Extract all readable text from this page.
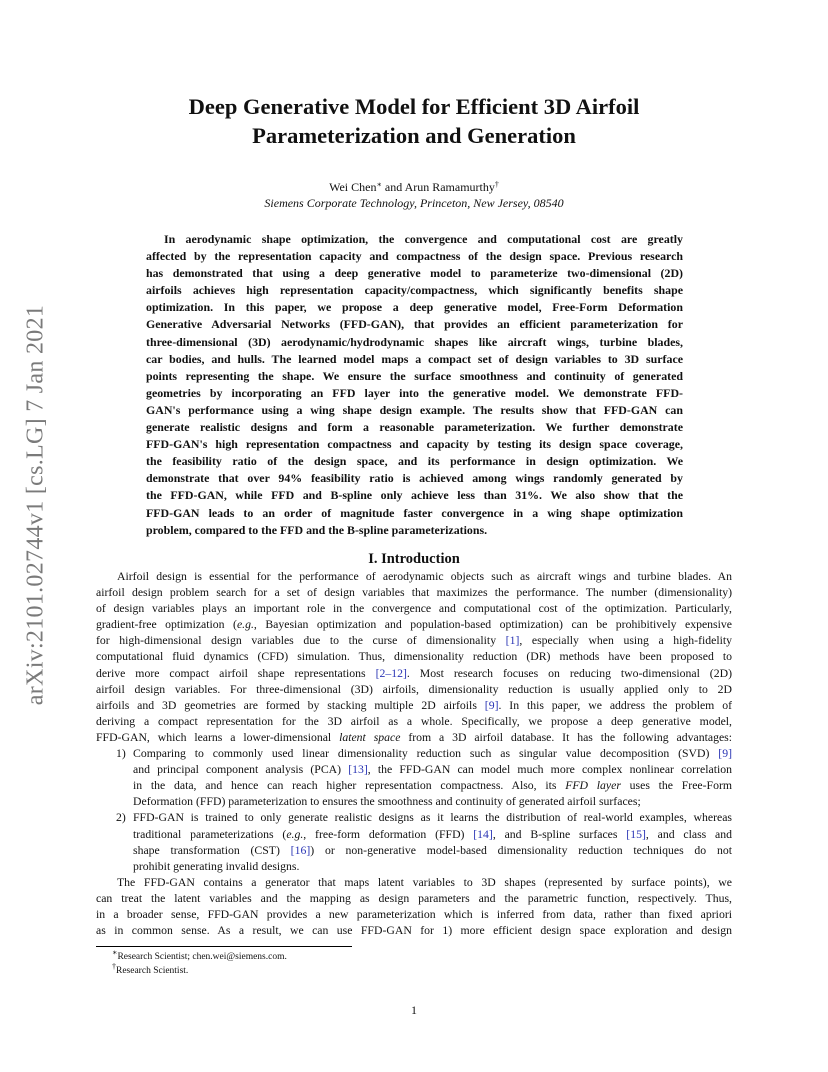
arXiv:2101.02744v1 [cs.LG] 7 Jan 2021
Deep Generative Model for Efficient 3D Airfoil
Parameterization and Generation
Wei Chen∗ and Arun Ramamurthy†
Siemens Corporate Technology, Princeton, New Jersey, 08540
In aerodynamic shape optimization, the convergence and computational cost are greatly
affected by the representation capacity and compactness of the design space. Previous research
has demonstrated that using a deep generative model to parameterize two-dimensional (2D)
airfoils achieves high representation capacity/compactness, which significantly benefits shape
optimization. In this paper, we propose a deep generative model, Free-Form Deformation
Generative Adversarial Networks (FFD-GAN), that provides an efficient parameterization for
three-dimensional (3D) aerodynamic/hydrodynamic shapes like aircraft wings, turbine blades,
car bodies, and hulls. The learned model maps a compact set of design variables to 3D surface
points representing the shape. We ensure the surface smoothness and continuity of generated
geometries by incorporating an FFD layer into the generative model. We demonstrate FFD-
GAN's performance using a wing shape design example. The results show that FFD-GAN can
generate realistic designs and form a reasonable parameterization. We further demonstrate
FFD-GAN's high representation compactness and capacity by testing its design space coverage,
the feasibility ratio of the design space, and its performance in design optimization. We
demonstrate that over 94% feasibility ratio is achieved among wings randomly generated by
the FFD-GAN, while FFD and B-spline only achieve less than 31%. We also show that the
FFD-GAN leads to an order of magnitude faster convergence in a wing shape optimization
problem, compared to the FFD and the B-spline parameterizations.
I. Introduction
Airfoil design is essential for the performance of aerodynamic objects such as aircraft wings and turbine blades. An
airfoil design problem search for a set of design variables that maximizes the performance. The number (dimensionality)
of design variables plays an important role in the convergence and computational cost of the optimization. Particularly,
gradient-free optimization (e.g., Bayesian optimization and population-based optimization) can be prohibitively expensive
for high-dimensional design variables due to the curse of dimensionality [1], especially when using a high-fidelity
computational fluid dynamics (CFD) simulation. Thus, dimensionality reduction (DR) methods have been proposed to
derive more compact airfoil shape representations [2–12]. Most research focuses on reducing two-dimensional (2D)
airfoil design variables. For three-dimensional (3D) airfoils, dimensionality reduction is usually applied only to 2D
airfoils and 3D geometries are formed by stacking multiple 2D airfoils [9]. In this paper, we address the problem of
deriving a compact representation for the 3D airfoil as a whole. Specifically, we propose a deep generative model,
FFD-GAN, which learns a lower-dimensional latent space from a 3D airfoil database. It has the following advantages:
1) Comparing to commonly used linear dimensionality reduction such as singular value decomposition (SVD) [9]
and principal component analysis (PCA) [13], the FFD-GAN can model much more complex nonlinear correlation
in the data, and hence can reach higher representation compactness. Also, its FFD layer uses the Free-Form
Deformation (FFD) parameterization to ensures the smoothness and continuity of generated airfoil surfaces;
2) FFD-GAN is trained to only generate realistic designs as it learns the distribution of real-world examples, whereas
traditional parameterizations (e.g., free-form deformation (FFD) [14], and B-spline surfaces [15], and class and
shape transformation (CST) [16]) or non-generative model-based dimensionality reduction techniques do not
prohibit generating invalid designs.
The FFD-GAN contains a generator that maps latent variables to 3D shapes (represented by surface points), we
can treat the latent variables and the mapping as design parameters and the parametric function, respectively. Thus,
in a broader sense, FFD-GAN provides a new parameterization which is inferred from data, rather than fixed apriori
as in common sense. As a result, we can use FFD-GAN for 1) more efficient design space exploration and design
∗Research Scientist; chen.wei@siemens.com.
†Research Scientist.
1
